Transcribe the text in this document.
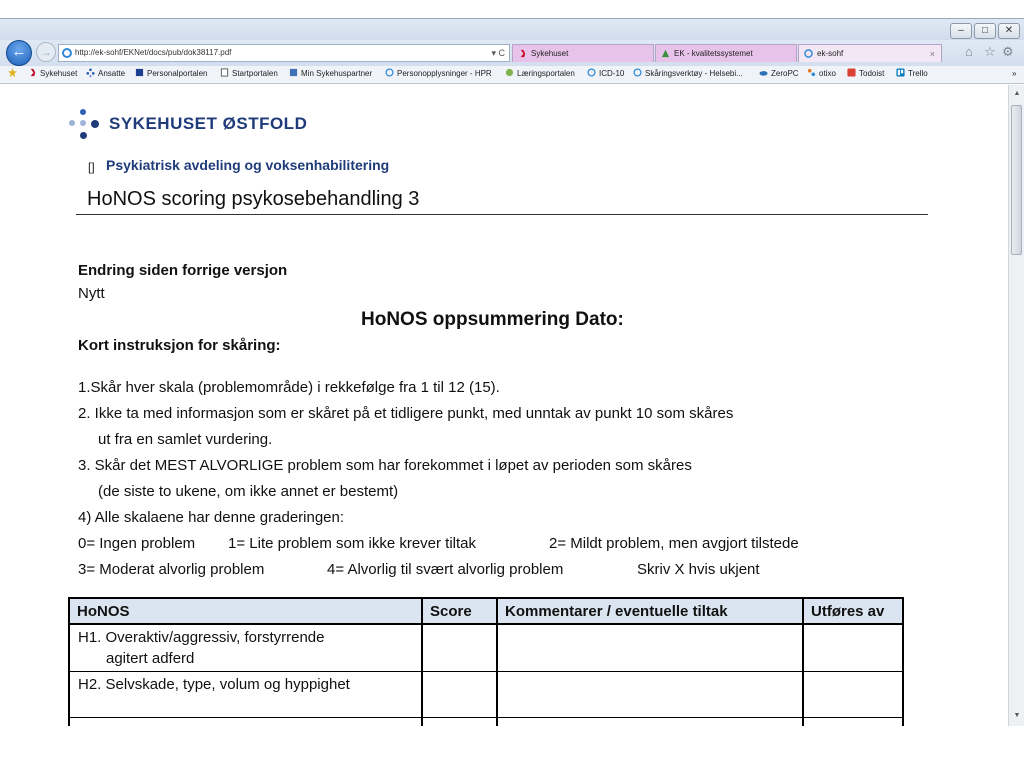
–	□	✕
←	→	http://ek-sohf/EKNet/docs/pub/dok38117.pdf	▾ C	Sykehuset	EK - kvalitetssystemet	ek-sohf	× ⌂ ☆ ⚙
Sykehuset	Ansatte	Personalportalen	Startportalen	Min Sykehuspartner	Personopplysninger - HPR	Læringsportalen	ICD-10	Skåringsverktøy - Helsebi...	ZeroPC	otixo	Todoist	Trello	»
SYKEHUSET ØSTFOLD
[] Psykiatrisk avdeling og voksenhabilitering
HoNOS scoring psykosebehandling 3
Endring siden forrige versjon
Nytt
HoNOS oppsummering Dato:
Kort instruksjon for skåring:
1.Skår hver skala (problemområde) i rekkefølge fra 1 til 12 (15).
2. Ikke ta med informasjon som er skåret på et tidligere punkt, med unntak av punkt 10 som skåres
ut fra en samlet vurdering.
3. Skår det MEST ALVORLIGE problem som har forekommet i løpet av perioden som skåres
(de siste to ukene, om ikke annet er bestemt)
4) Alle skalaene har denne graderingen:
0= Ingen problem 1= Lite problem som ikke krever tiltak	2= Mildt problem, men avgjort tilstede
3= Moderat alvorlig problem	4= Alvorlig til svært alvorlig problem	Skriv X hvis ukjent
HoNOS	Score	Kommentarer / eventuelle tiltak	Utføres av
H1. Overaktiv/aggressiv, forstyrrende
agitert adferd			

H2. Selvskade, type, volum og hyppighet			

▲
▼
